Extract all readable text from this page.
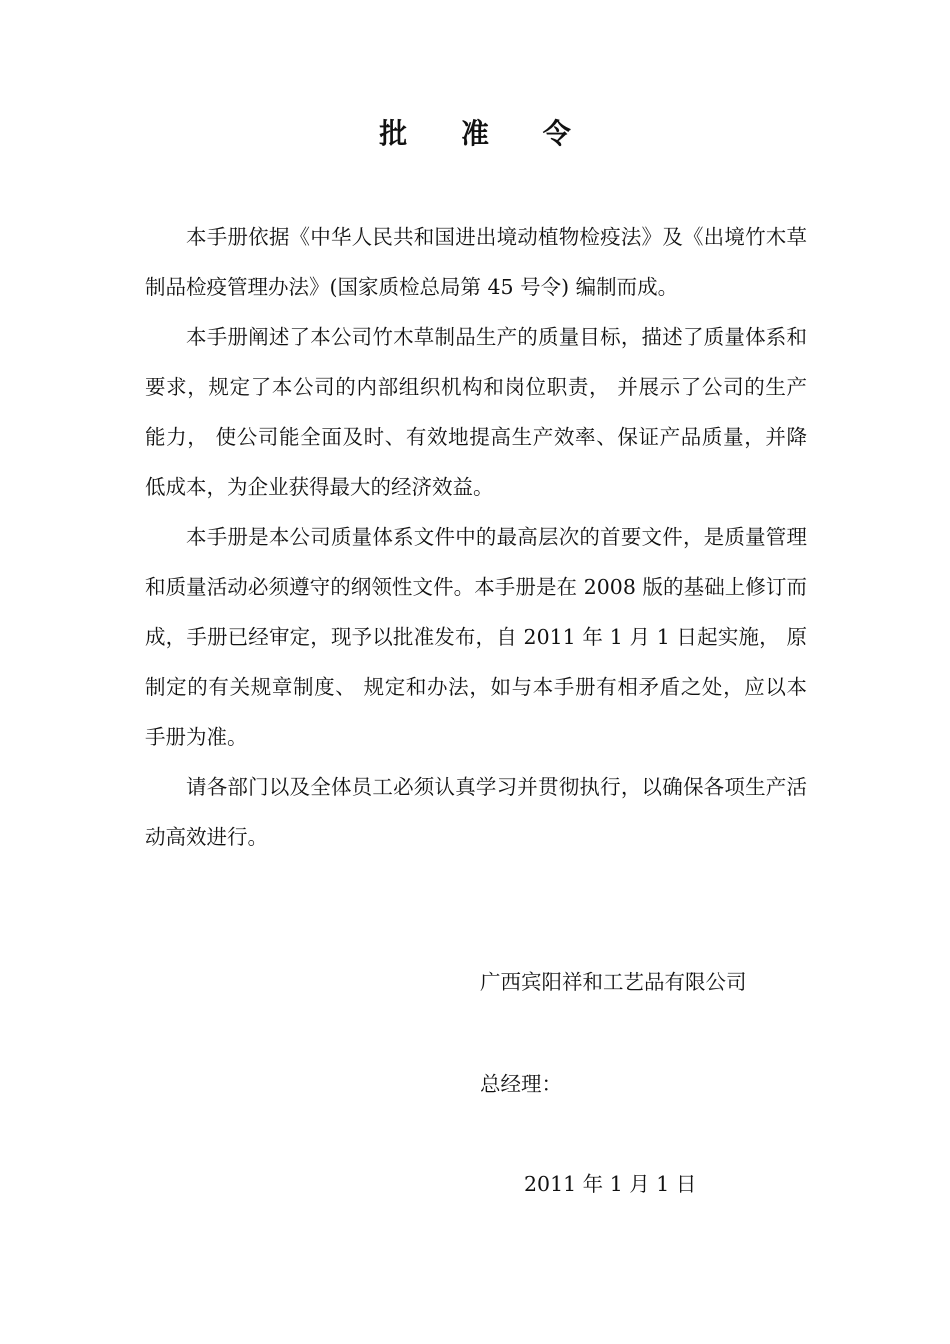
批 准 令

本手册依据《中华人民共和国进出境动植物检疫法》及《出境竹木草制品检疫管理办法》(国家质检总局第 45 号令) 编制而成。

本手册阐述了本公司竹木草制品生产的质量目标，描述了质量体系和要求，规定了本公司的内部组织机构和岗位职责， 并展示了公司的生产能力， 使公司能全面及时、有效地提高生产效率、保证产品质量，并降低成本，为企业获得最大的经济效益。

本手册是本公司质量体系文件中的最高层次的首要文件，是质量管理和质量活动必须遵守的纲领性文件。本手册是在 2008 版的基础上修订而成，手册已经审定，现予以批准发布，自 2011 年 1 月 1 日起实施， 原制定的有关规章制度、 规定和办法，如与本手册有相矛盾之处，应以本手册为准。

请各部门以及全体员工必须认真学习并贯彻执行，以确保各项生产活动高效进行。

广西宾阳祥和工艺品有限公司
总经理：
2011 年 1 月 1 日
